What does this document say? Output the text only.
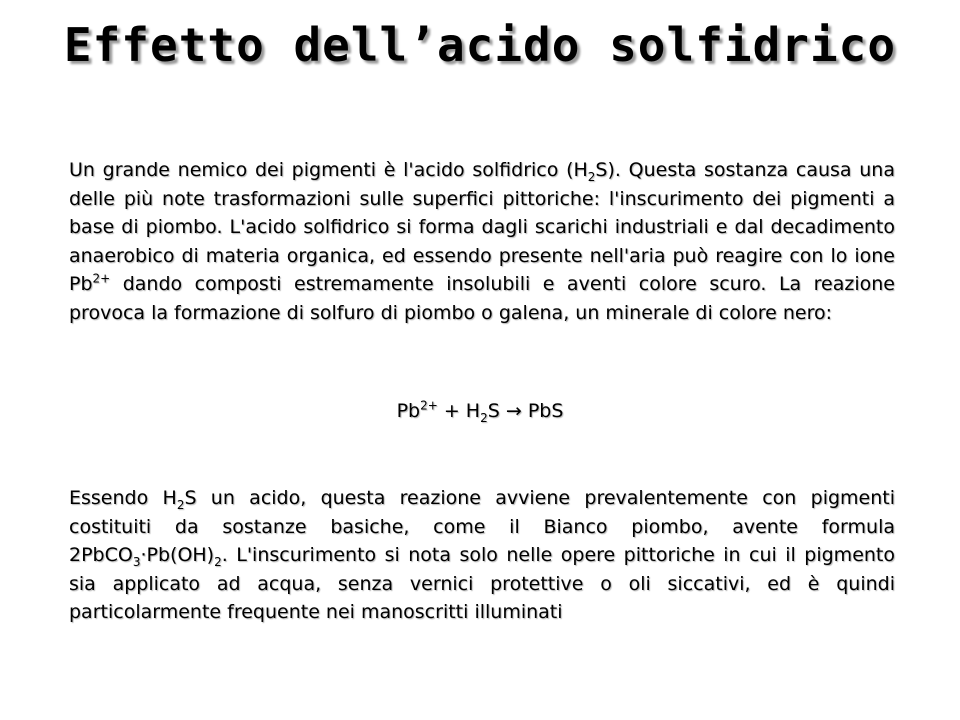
Effetto dell’acido solfidrico
Un grande nemico dei pigmenti è l'acido solfidrico $(H_2S)$. Questa sostanza causa una delle più note trasformazioni sulle superfici pittoriche: l'inscurimento dei pigmenti a base di piombo. L'acido solfidrico si forma dagli scarichi industriali e dal decadimento anaerobico di materia organica, ed essendo presente nell'aria può reagire con lo ione $Pb^{2+}$ dando composti estremamente insolubili e aventi colore scuro. La reazione provoca la formazione di solfuro di piombo o galena, un minerale di colore nero:
$Pb^{2+} + H_2S$ → PbS
Essendo $H_2S$ un acido, questa reazione avviene prevalentemente con pigmenti costituiti da sostanze basiche, come il Bianco piombo, avente formula $2PbCO_3\cdot Pb(OH)_2$. L'inscurimento si nota solo nelle opere pittoriche in cui il pigmento sia applicato ad acqua, senza vernici protettive o oli siccativi, ed è quindi particolarmente frequente nei manoscritti illuminati
